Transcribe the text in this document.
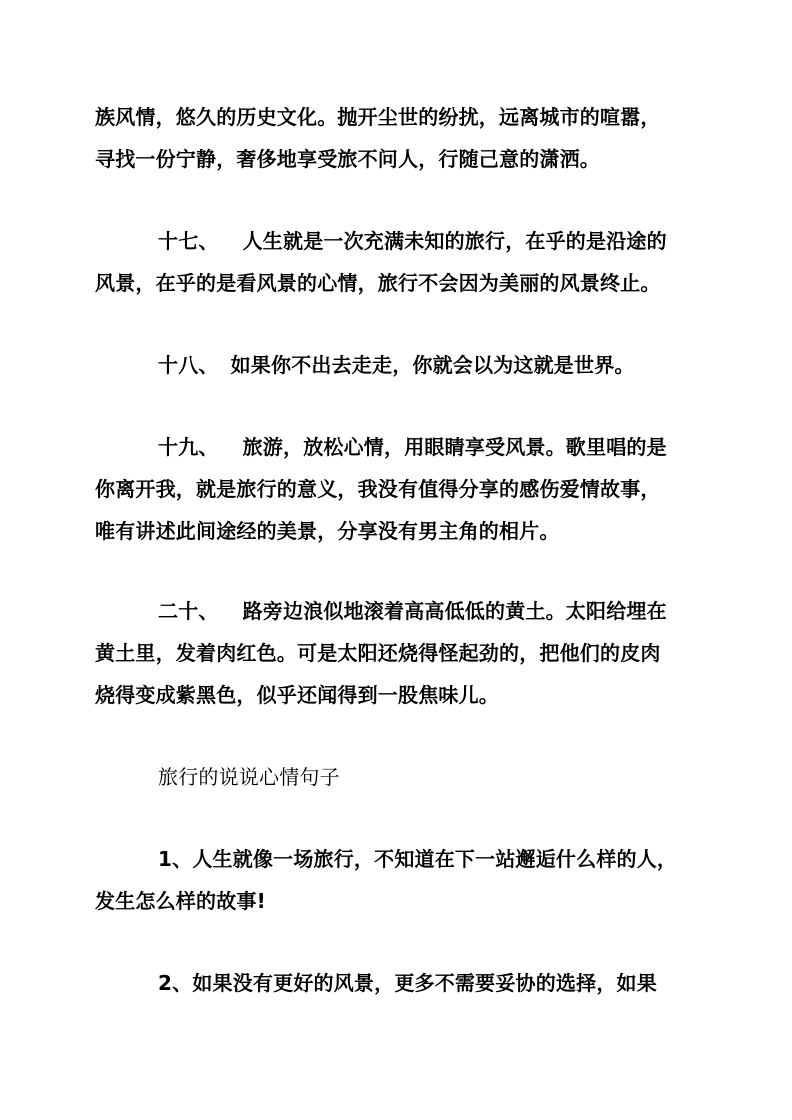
族风情，悠久的历史文化。抛开尘世的纷扰，远离城市的喧嚣，
寻找一份宁静，奢侈地享受旅不问人，行随己意的潇洒。
十七、 人生就是一次充满未知的旅行，在乎的是沿途的
风景，在乎的是看风景的心情，旅行不会因为美丽的风景终止。
十八、 如果你不出去走走，你就会以为这就是世界。
十九、 旅游，放松心情，用眼睛享受风景。歌里唱的是
你离开我，就是旅行的意义，我没有值得分享的感伤爱情故事，
唯有讲述此间途经的美景，分享没有男主角的相片。
二十、 路旁边浪似地滚着高高低低的黄土。太阳给埋在
黄土里，发着肉红色。可是太阳还烧得怪起劲的，把他们的皮肉
烧得变成紫黑色，似乎还闻得到一股焦味儿。
旅行的说说心情句子
1、人生就像一场旅行，不知道在下一站邂逅什么样的人，
发生怎么样的故事!
2、如果没有更好的风景，更多不需要妥协的选择，如果
